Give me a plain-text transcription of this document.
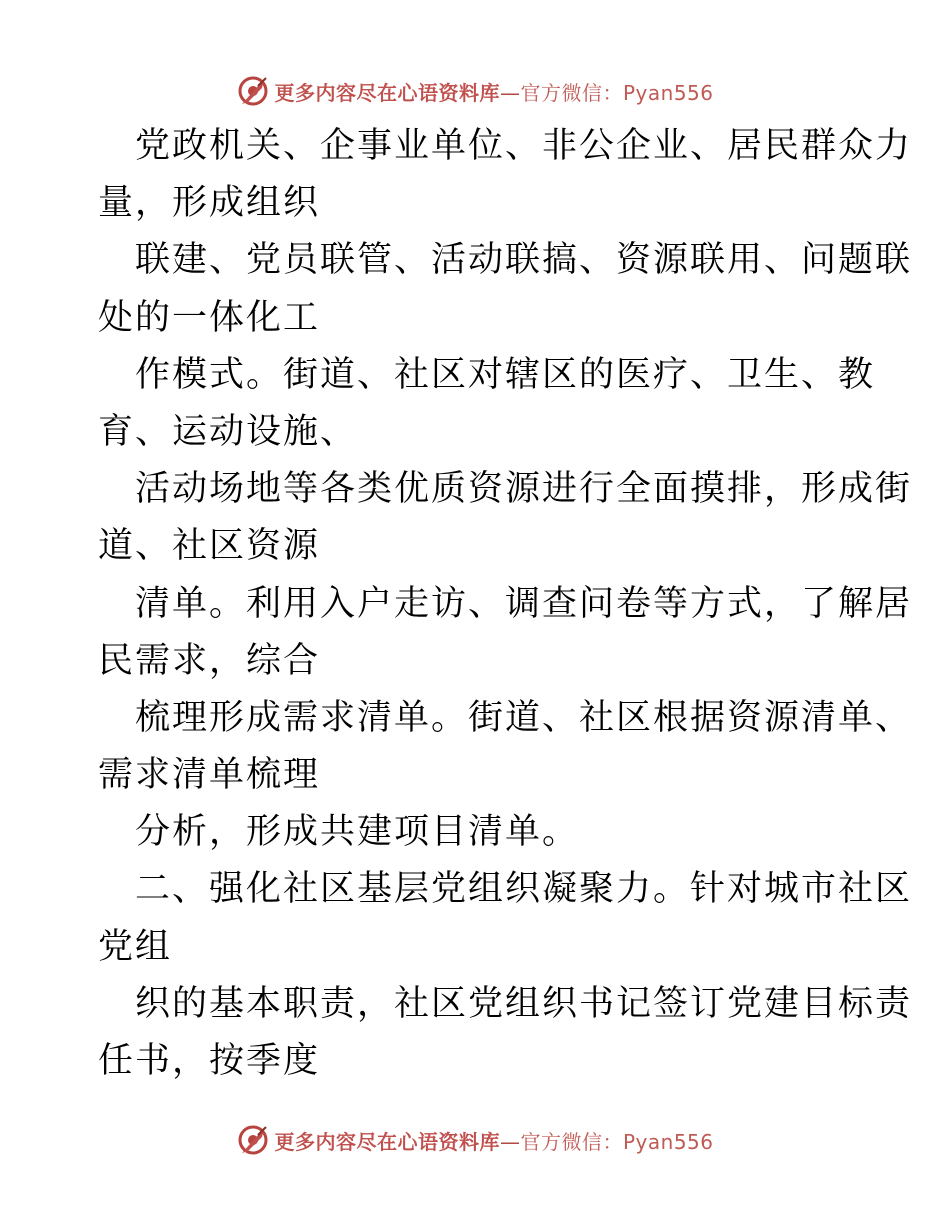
更多内容尽在心语资料库—官方微信：Pyan556
党政机关、企事业单位、非公企业、居民群众力
量，形成组织
联建、党员联管、活动联搞、资源联用、问题联
处的一体化工
作模式。街道、社区对辖区的医疗、卫生、教
育、运动设施、
活动场地等各类优质资源进行全面摸排，形成街
道、社区资源
清单。利用入户走访、调查问卷等方式，了解居
民需求，综合
梳理形成需求清单。街道、社区根据资源清单、
需求清单梳理
分析，形成共建项目清单。
二、强化社区基层党组织凝聚力。针对城市社区
党组
织的基本职责，社区党组织书记签订党建目标责
任书，按季度
更多内容尽在心语资料库—官方微信：Pyan556
